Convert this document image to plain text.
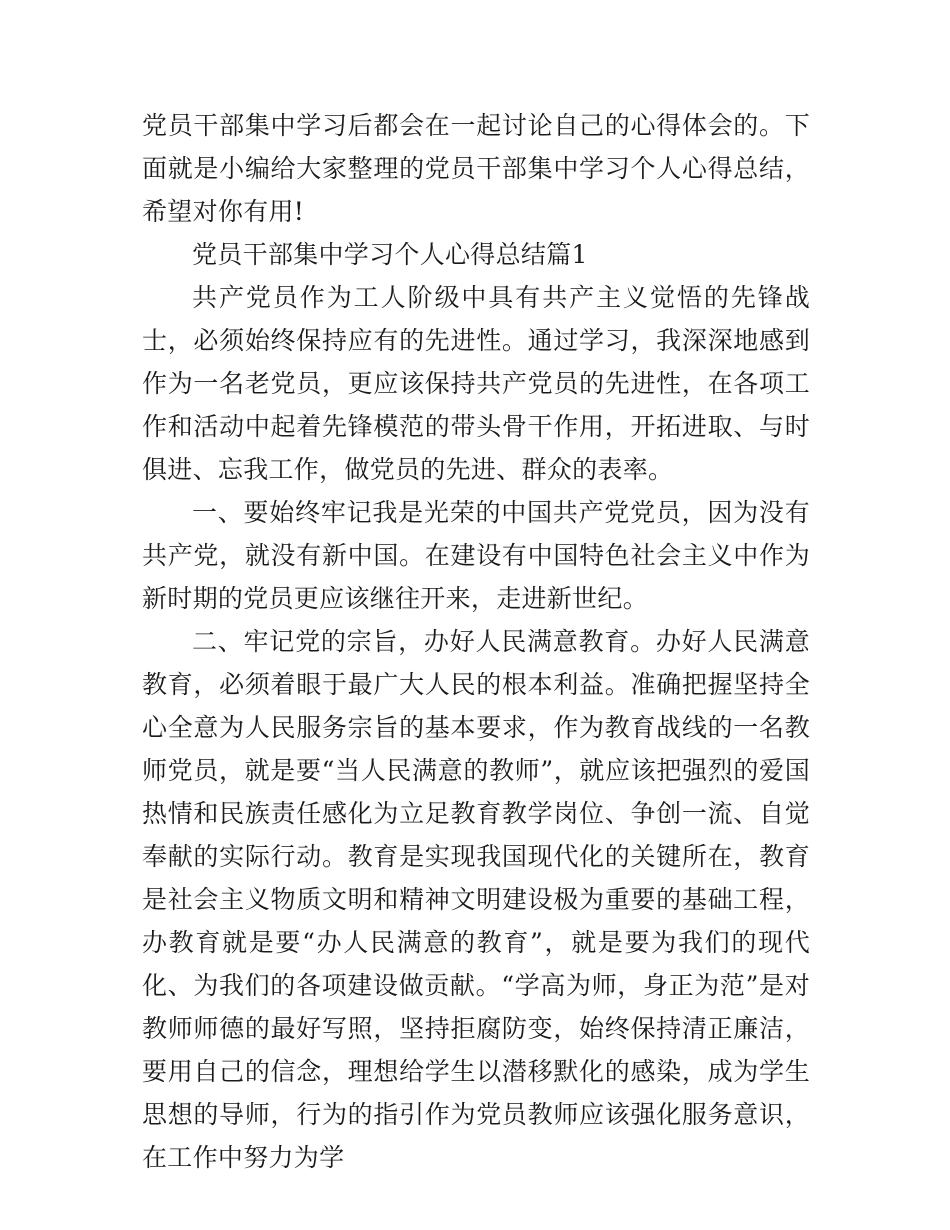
党员干部集中学习后都会在一起讨论自己的心得体会的。下面就是小编给大家整理的党员干部集中学习个人心得总结，希望对你有用!

党员干部集中学习个人心得总结篇1

共产党员作为工人阶级中具有共产主义觉悟的先锋战士，必须始终保持应有的先进性。通过学习，我深深地感到作为一名老党员，更应该保持共产党员的先进性，在各项工作和活动中起着先锋模范的带头骨干作用，开拓进取、与时俱进、忘我工作，做党员的先进、群众的表率。

一、要始终牢记我是光荣的中国共产党党员，因为没有共产党，就没有新中国。在建设有中国特色社会主义中作为新时期的党员更应该继往开来，走进新世纪。

二、牢记党的宗旨，办好人民满意教育。办好人民满意教育，必须着眼于最广大人民的根本利益。准确把握坚持全心全意为人民服务宗旨的基本要求，作为教育战线的一名教师党员，就是要“当人民满意的教师”，就应该把强烈的爱国热情和民族责任感化为立足教育教学岗位、争创一流、自觉奉献的实际行动。教育是实现我国现代化的关键所在，教育是社会主义物质文明和精神文明建设极为重要的基础工程，办教育就是要“办人民满意的教育”，就是要为我们的现代化、为我们的各项建设做贡献。“学高为师，身正为范”是对教师师德的最好写照，坚持拒腐防变，始终保持清正廉洁，要用自己的信念，理想给学生以潜移默化的感染，成为学生思想的导师，行为的指引作为党员教师应该强化服务意识，在工作中努力为学
